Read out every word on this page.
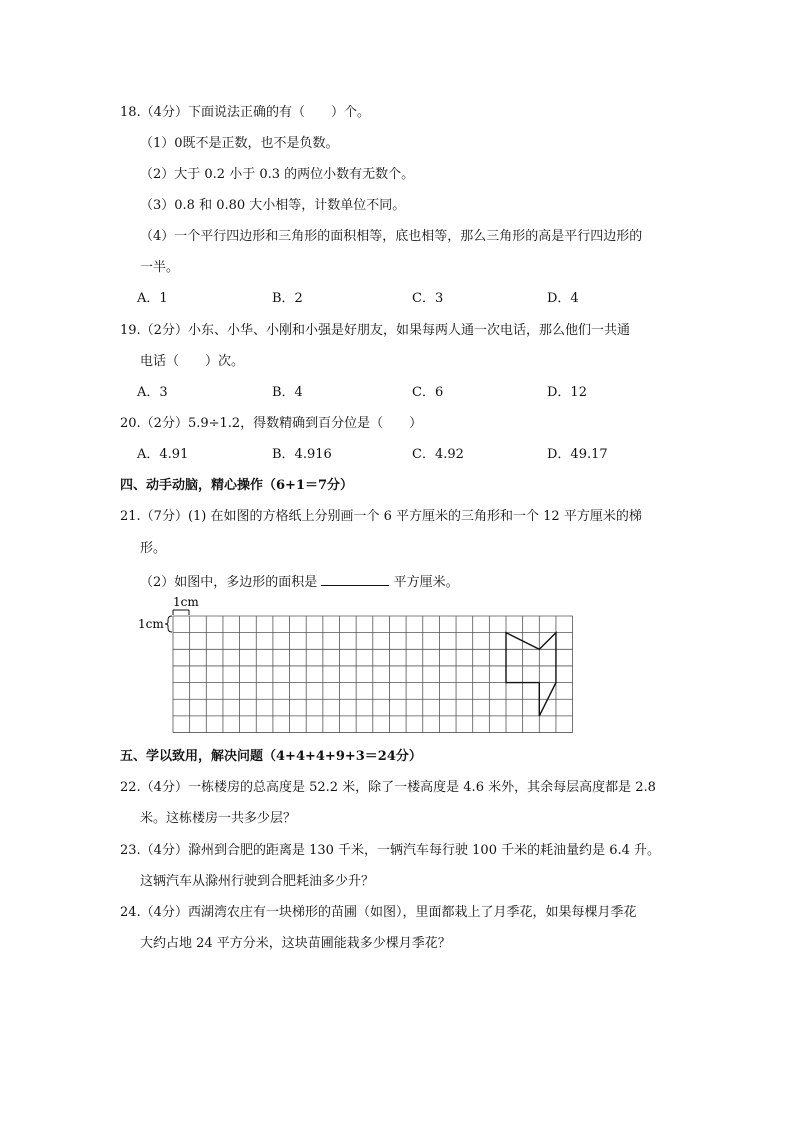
18.（4分）下面说法正确的有（　　）个。
（1）0既不是正数，也不是负数。
（2）大于 0.2 小于 0.3 的两位小数有无数个。
（3）0.8 和 0.80 大小相等，计数单位不同。
（4）一个平行四边形和三角形的面积相等，底也相等，那么三角形的高是平行四边形的
一半。
A．1	B．2	C．3	D．4
19.（2分）小东、小华、小刚和小强是好朋友，如果每两人通一次电话，那么他们一共通
电话（　　）次。
A．3	B．4	C．6	D．12
20.（2分）5.9÷1.2，得数精确到百分位是（　　）
A．4.91	B．4.916	C．4.92	D．49.17
四、动手动脑，精心操作（6+1＝7分）
21.（7分）(1) 在如图的方格纸上分别画一个 6 平方厘米的三角形和一个 12 平方厘米的梯
形。
（2）如图中，多边形的面积是	平方厘米。
1cm
1cm
五、学以致用，解决问题（4+4+4+9+3＝24分）
22.（4分）一栋楼房的总高度是 52.2 米，除了一楼高度是 4.6 米外，其余每层高度都是 2.8
米。这栋楼房一共多少层？
23.（4分）滁州到合肥的距离是 130 千米，一辆汽车每行驶 100 千米的耗油量约是 6.4 升。
这辆汽车从滁州行驶到合肥耗油多少升？
24.（4分）西湖湾农庄有一块梯形的苗圃（如图），里面都栽上了月季花，如果每棵月季花
大约占地 24 平方分米，这块苗圃能栽多少棵月季花？
